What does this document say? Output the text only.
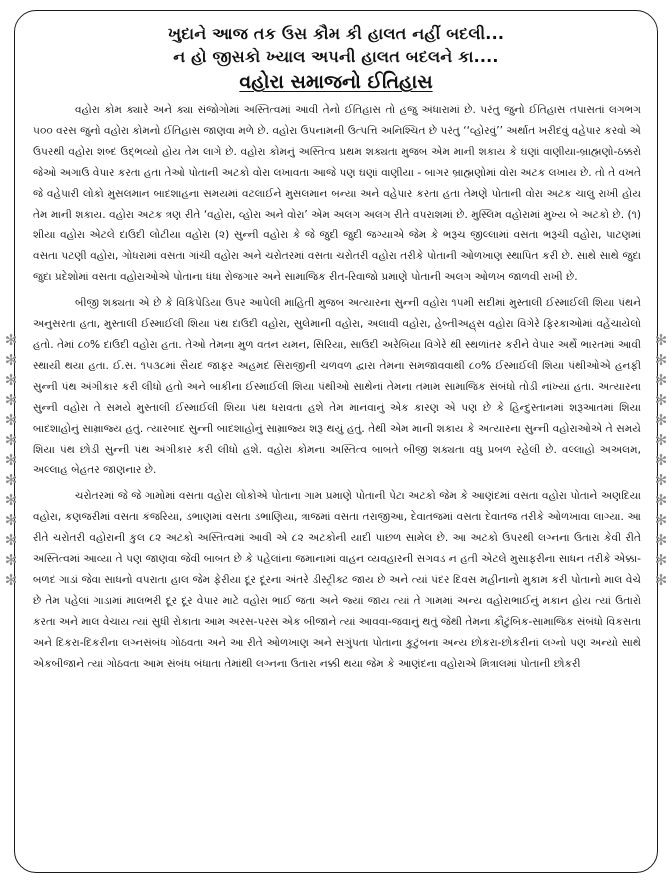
✻
✻
✻
✻
✻
✻
✻
✻
✻
✻
✻
✻
✻
✻
✻
✻
✻
✻
✻
✻
✻
✻
✻
✻
✻
✻
ખુદાને આજ તક ઉસ કૌમ કી હાલત નહીં બદલી...
ન હો જીસકો ખ્યાલ અપની હાલત બદલને કા....
વહોરા સમાજનો ઈતિહાસ

વહોરા કોમ ક્યારે અને ક્યા સંજોગોમાં અસ્તિત્વમાં આવી તેનો ઈતિહાસ તો હજુ અંધારામાં છે. પરંતુ જુનો ઈતિહાસ તપાસતાં લગભગ ૫૦૦ વરસ જુનો વહોરા કોમનો ઈતિહાસ જાણવા મળે છે. વહોરા ઉપનામની ઉત્પત્તિ અનિશ્ચિત છે પરંતુ ‘‘વ્હોરવું’’ અર્થાત ખરીદવું વહેપાર કરવો એ ઉપરથી વહોરા શબ્દ ઉદ્ભવ્યો હોય તેમ લાગે છે. વહોરા કોમનું અસ્તિત્વ પ્રથમ શક્યતા મુજબ એમ માની શકાય કે ઘણાં વાણીયા-બ્રાહ્મણો-ઠક્કરો જેઓ અગાઉ વેપાર કરતા હતા તેઓ પોતાની અટકો વોરા લખાવતા આજે પણ ઘણાં વાણીયા - બાગર બ્રાહ્મણોમાં વોરા અટક લખાય છે. તો તે વખતે જે વહેપારી લોકો મુસલમાન બાદશાહના સમયમાં વટલાઈને મુસલમાન બન્યા અને વહેપાર કરતા હતા તેમણે પોતાની વોરા અટક ચાલુ રાખી હોય તેમ માની શકાય. વહોરા અટક ત્રણ રીતે ‘વહોરા, વ્હોરા અને વોરા’ એમ અલગ અલગ રીતે વપરાશમાં છે. મુસ્લિમ વહોરામાં મુખ્ય બે અટકો છે. (૧) શીયા વહોરા એટલે દાઉદી લોટીયા વહોરા (૨) સુન્ની વહોરા કે જે જુદી જુદી જગ્યાએ જેમ કે ભરૂચ જીલ્લામાં વસતા ભરૂચી વહોરા, પાટણમાં વસતા પટણી વહોરા, ગોધરામાં વસતા ગાંચી વહોરા અને ચરોતરમાં વસતા ચરોતરી વહોરા તરીકે પોતાની ઓળખાણ સ્થાપિત કરી છે. સાથે સાથે જુદા જુદા પ્રદેશોમાં વસતા વહોરાઓએ પોતાના ધંધા રોજગાર અને સામાજિક રીત-રિવાજો પ્રમાણે પોતાની અલગ ઓળખ જાળવી રાખી છે.

બીજી શક્યતા એ છે કે વિકિપેડિયા ઉપર આપેલી માહિતી મુજબ અત્યારના સુન્ની વહોરા ૧૫મી સદીમાં મુસ્તાલી ઈસ્માઈલી શિયા પંથને અનુસરતા હતા, મુસ્તાલી ઈસ્માઈલી શિયા પંથ દાઉદી વહોરા, સુલેમાની વહોરા, અલાવી વહોરા, હેબ્તીઅહ્‌સ વહોરા વિગેરે ફિરકાઓમાં વહેંચાયેલો હતો. તેમાં ૮૦% દાઉદી વહોરા હતા. તેઓ તેમના મુળ વતન યમન, સિરિયા, સાઉદી અરેબિયા વિગેરે થી સ્થળાંતર કરીને વેપાર અર્થે ભારતમાં આવી સ્થાયી થયા હતા. ઈ.સ. ૧૫૩૮માં સૈયદ જાફર અહમદ સિરાજીની ચળવળ દ્વારા તેમના સમજાવવાથી ૮૦% ઈસ્માઈલી શિયા પંથીઓએ હનફી સુન્ની પંથ અંગીકાર કરી લીધો હતો અને બાકીના ઈસ્માઈલી શિયા પંથીઓ સાથેનાં તેમના તમામ સામાજિક સંબંધો તોડી નાંખ્યાં હતા. અત્યારના સુન્ની વહોરા તે સમયે મુસ્તાલી ઈસ્માઈલી શિયા પંથ ધરાવતા હશે તેમ માનવાનું એક કારણ એ પણ છે કે હિન્દુસ્તાનમાં શરૂઆતમાં શિયા બાદશાહોનું સામ્રાજ્ય હતું. ત્યારબાદ સુન્ની બાદશાહોનું સામ્રાજ્ય શરૂ થયું હતું. તેથી એમ માની શકાય કે અત્યારના સુન્ની વહોરાઓએ તે સમયે શિયા પંથ છોડી સુન્ની પંથ અંગીકાર કરી લીધો હશે. વહોરા કોમના અસ્તિત્વ બાબતે બીજી શક્યતા વધુ પ્રબળ રહેલી છે. વલ્લાહો અઅલમ, અલ્લાહ બેહતર જાણનાર છે.

ચરોતરમાં જે જે ગામોમાં વસતા વહોરા લોકોએ પોતાના ગામ પ્રમાણે પોતાની પેટા અટકો જેમ કે આણંદમાં વસતા વહોરા પોતાને અણદિયા વહોરા, કણજરીમાં વસતા કંજરિયા, ડભાણમાં વસતા ડભાણિયા, ત્રાજમાં વસતા તરાજીઆ, દેવાતજમાં વસતા દેવાતજ તરીકે ઓળખાવા લાગ્યા. આ રીતે ચરોતરી વહોરાની કુલ ૮૨ અટકો અસ્તિત્વમાં આવી એ ૮૨ અટકોની યાદી પાછળ સામેલ છે. આ અટકો ઉપરથી લગ્નના ઉતારા કેવી રીતે અસ્તિત્વમાં આવ્યા તે પણ જાણવા જેવી બાબત છે કે પહેલાંના જમાનામાં વાહન વ્યવહારની સગવડ ન હતી એટલે મુસાફરીના સાધન તરીકે એક્કા-બળદ ગાડાં જેવા સાધનો વપરાતા હાલ જેમ ફેરીયા દૂર દૂરના અંતરે ડીસ્ટ્રીક્ટ જાય છે અને ત્યાં પંદર દિવસ મહીનાનો મુકામ કરી પોતાનો માલ વેચે છે તેમ પહેલાં ગાડામાં માલભરી દૂર દૂર વેપાર માટે વહોરા ભાઈ જતા અને જ્યાં જાય ત્યાં તે ગામમાં અન્ય વહોરાભાઈનું મકાન હોય ત્યાં ઉતારો કરતા અને માલ વેચાય ત્યાં સુધી રોકાતા આમ અરસ-પરસ એક બીજાને ત્યાં આવવા-જવાનું થતું જેથી તેમના કૌટુંબિક-સામાજિક સંબંધો વિકસતા અને દિકરા-દિકરીના લગ્નસંબંધ ગોઠવતા અને આ રીતે ઓળખાણ અને સગુંપતા પોતાના કુટુંબના અન્ય છોકરા-છોકરીનાં લગ્નો પણ અન્યો સાથે એકબીજાને ત્યાં ગોઠવતા આમ સંબંધ બંધાતા તેમાંથી લગ્નના ઉતારા નક્કી થયા જેમ કે આણંદના વહોરાએ મિત્રાલમાં પોતાની છોકરી
